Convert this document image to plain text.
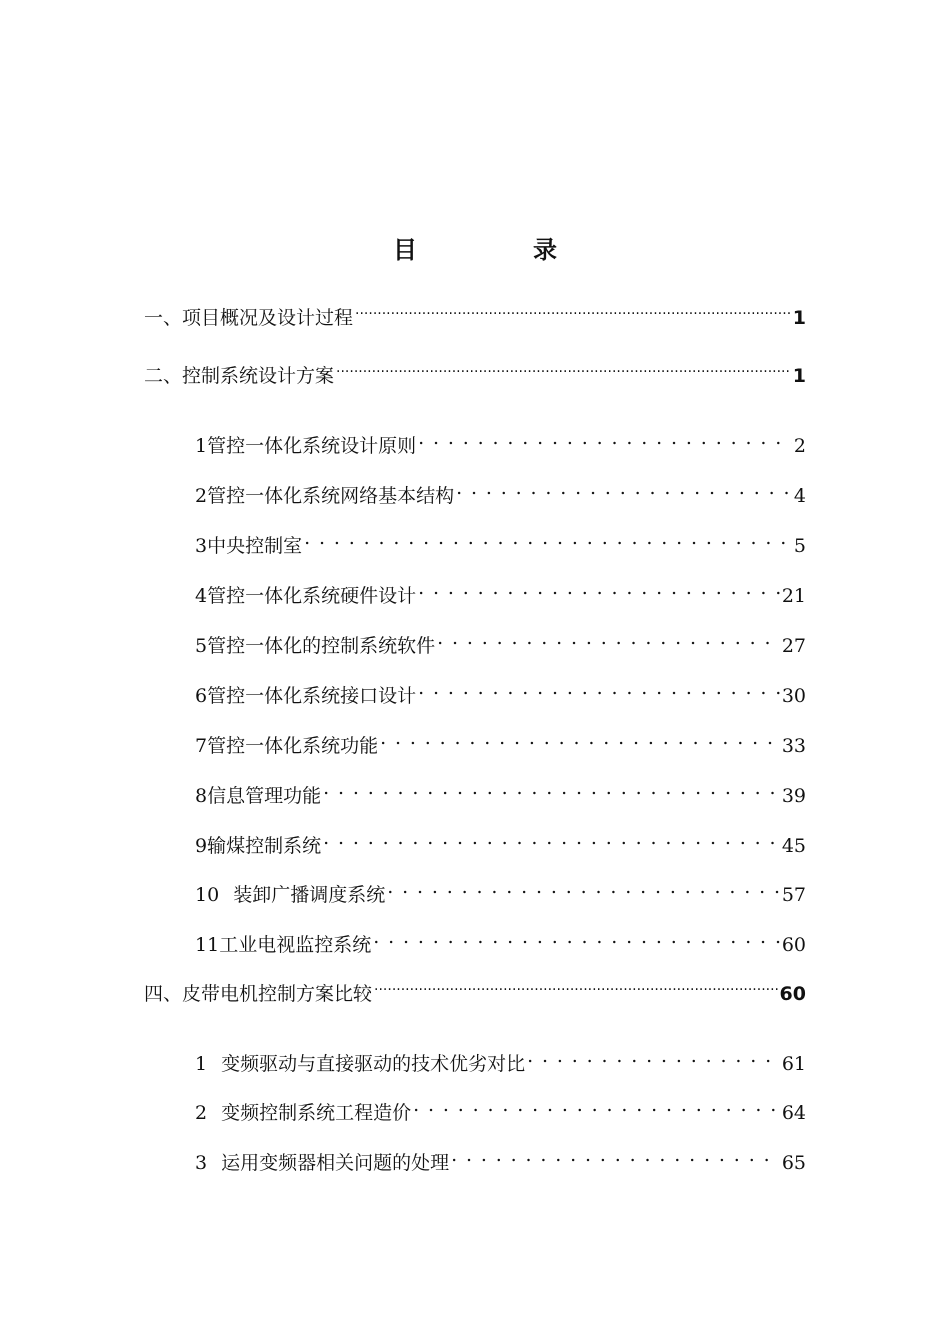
目　录
一、 项目概况及设计过程 .....	1
二、 控制系统设计方案 .....	1
1 管控一体化系统设计原则 . . .	2
2 管控一体化系统网络基本结构 . . .	4
3 中央控制室 . . .	5
4 管控一体化系统硬件设计 . . .	21
5 管控一体化的控制系统软件 . . .	27
6 管控一体化系统接口设计 . . .	30
7 管控一体化系统功能 . . .	33
8 信息管理功能 . . .	39
9 输煤控制系统 . . .	45
10 装卸广播调度系统 . . .	57
11 工业电视监控系统 . . .	60
四、 皮带电机控制方案比较 .....	60
1 变频驱动与直接驱动的技术优劣对比 . . .	61
2 变频控制系统工程造价 . . .	64
3 运用变频器相关问题的处理 . . .	65
